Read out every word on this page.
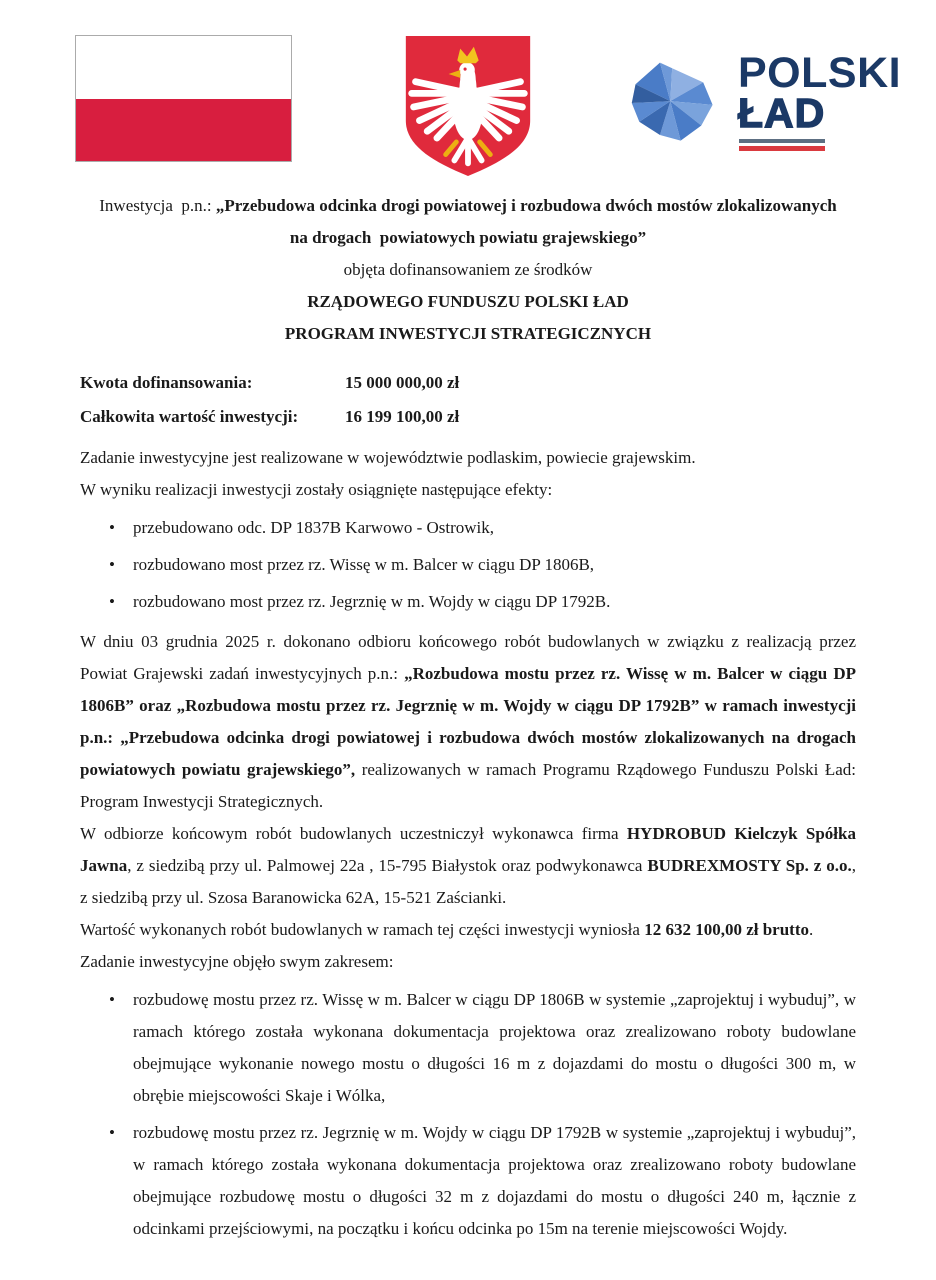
POLSKI
ŁAD
Inwestycja  p.n.: „Przebudowa odcinka drogi powiatowej i rozbudowa dwóch mostów zlokalizowanych
na drogach  powiatowych powiatu grajewskiego”
objęta dofinansowaniem ze środków
RZĄDOWEGO FUNDUSZU POLSKI ŁAD
PROGRAM INWESTYCJI STRATEGICZNYCH
Kwota dofinansowania:	15 000 000,00 zł
Całkowita wartość inwestycji:	16 199 100,00 zł

Zadanie inwestycyjne jest realizowane w województwie podlaskim, powiecie grajewskim.

W wyniku realizacji inwestycji zostały osiągnięte następujące efekty:

• przebudowano odc. DP 1837B Karwowo - Ostrowik,
• rozbudowano most przez rz. Wissę w m. Balcer w ciągu DP 1806B,
• rozbudowano most przez rz. Jegrznię w m. Wojdy w ciągu DP 1792B.

W dniu 03 grudnia 2025 r. dokonano odbioru końcowego robót budowlanych w związku z realizacją przez Powiat Grajewski zadań inwestycyjnych p.n.: „Rozbudowa mostu przez rz. Wissę w m. Balcer w ciągu DP 1806B” oraz „Rozbudowa mostu przez rz. Jegrznię w m. Wojdy w ciągu DP 1792B” w ramach inwestycji p.n.: „Przebudowa odcinka drogi powiatowej i rozbudowa dwóch mostów zlokalizowanych na drogach powiatowych powiatu grajewskiego”, realizowanych w ramach Programu Rządowego Funduszu Polski Ład: Program Inwestycji Strategicznych.

W odbiorze końcowym robót budowlanych uczestniczył wykonawca firma HYDROBUD Kielczyk Spółka Jawna, z siedzibą przy ul. Palmowej 22a , 15-795 Białystok oraz podwykonawca BUDREXMOSTY Sp. z o.o., z siedzibą przy ul. Szosa Baranowicka 62A, 15-521 Zaścianki.

Wartość wykonanych robót budowlanych w ramach tej części inwestycji wyniosła 12 632 100,00 zł brutto.

Zadanie inwestycyjne objęło swym zakresem:

• rozbudowę mostu przez rz. Wissę w m. Balcer w ciągu DP 1806B w systemie „zaprojektuj i wybuduj”, w ramach którego została wykonana dokumentacja projektowa oraz zrealizowano roboty budowlane obejmujące wykonanie nowego mostu o długości 16 m z dojazdami do mostu o długości 300 m, w obrębie miejscowości Skaje i Wólka,
• rozbudowę mostu przez rz. Jegrznię w m. Wojdy w ciągu DP 1792B w systemie „zaprojektuj i wybuduj”, w ramach którego została wykonana dokumentacja projektowa oraz zrealizowano roboty budowlane obejmujące rozbudowę mostu o długości 32 m z dojazdami do mostu o długości 240 m, łącznie z odcinkami przejściowymi, na początku i końcu odcinka po 15m na terenie miejscowości Wojdy.
